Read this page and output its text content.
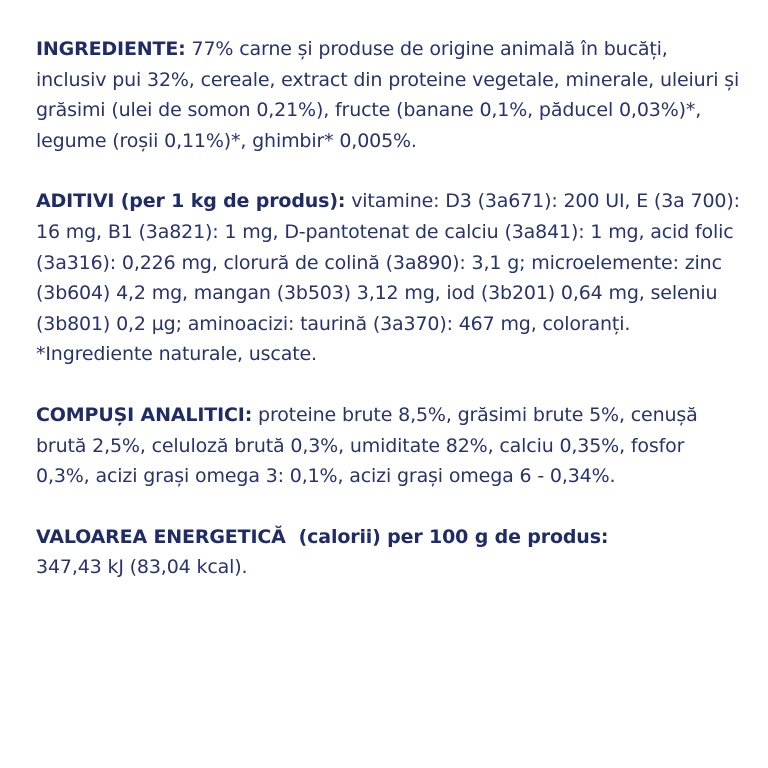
INGREDIENTE: 77% carne și produse de origine animală în bucăți, inclusiv pui 32%, cereale, extract din proteine vegetale, minerale, uleiuri și grăsimi (ulei de somon 0,21%), fructe (banane 0,1%, păducel 0,03%)*, legume (roșii 0,11%)*, ghimbir* 0,005%.

ADITIVI (per 1 kg de produs): vitamine: D3 (3a671): 200 UI, E (3a 700): 16 mg, B1 (3a821): 1 mg, D-pantotenat de calciu (3a841): 1 mg, acid folic (3a316): 0,226 mg, clorură de colină (3a890): 3,1 g; microelemente: zinc (3b604) 4,2 mg, mangan (3b503) 3,12 mg, iod (3b201) 0,64 mg, seleniu (3b801) 0,2 µg; aminoacizi: taurină (3a370): 467 mg, coloranți. *Ingrediente naturale, uscate.

COMPUȘI ANALITICI: proteine brute 8,5%, grăsimi brute 5%, cenușă brută 2,5%, celuloză brută 0,3%, umiditate 82%, calciu 0,35%, fosfor 0,3%, acizi grași omega 3: 0,1%, acizi grași omega 6 - 0,34%.

VALOAREA ENERGETICĂ  (calorii) per 100 g de produs:
347,43 kJ (83,04 kcal).
